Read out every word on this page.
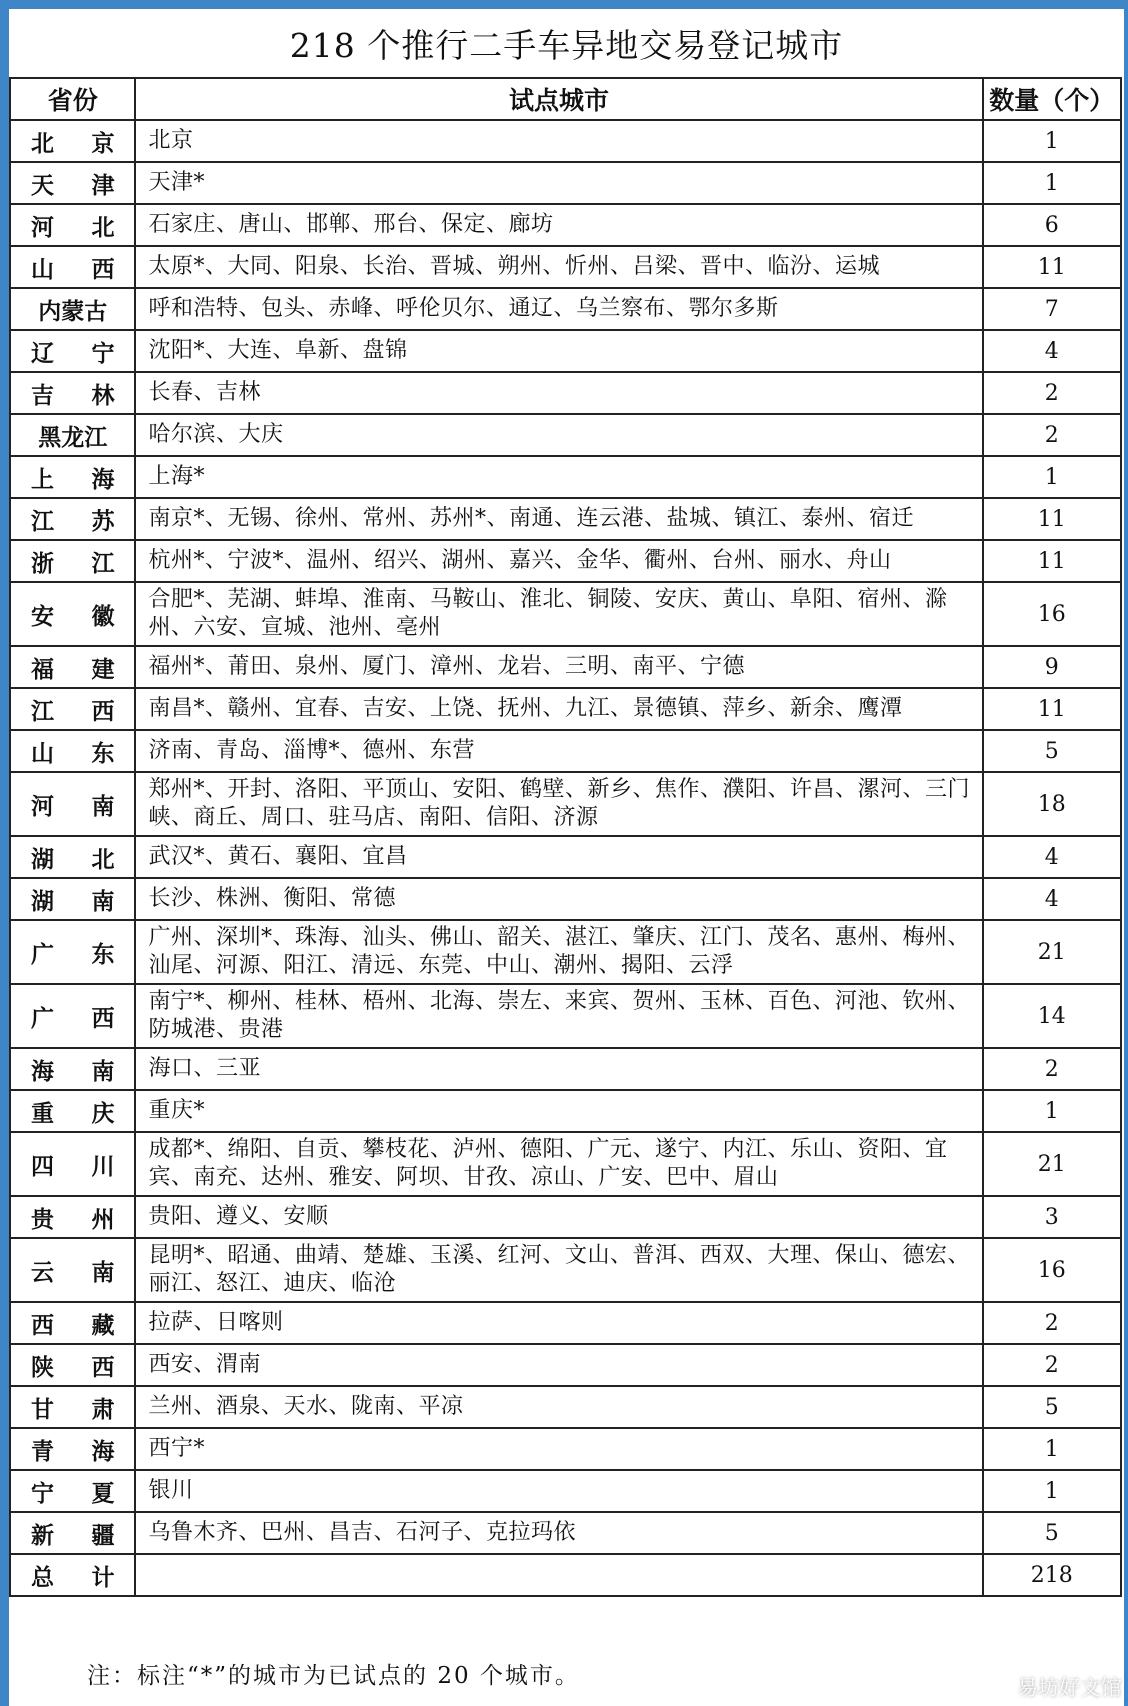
218 个推行二手车异地交易登记城市
省份	试点城市	数量（个）
北 京	北京	1
天 津	天津*	1
河 北	石家庄、唐山、邯郸、邢台、保定、廊坊	6
山 西	太原*、大同、阳泉、长治、晋城、朔州、忻州、吕梁、晋中、临汾、运城	11
内蒙古	呼和浩特、包头、赤峰、呼伦贝尔、通辽、乌兰察布、鄂尔多斯	7
辽 宁	沈阳*、大连、阜新、盘锦	4
吉 林	长春、吉林	2
黑龙江	哈尔滨、大庆	2
上 海	上海*	1
江 苏	南京*、无锡、徐州、常州、苏州*、南通、连云港、盐城、镇江、泰州、宿迁	11
浙 江	杭州*、宁波*、温州、绍兴、湖州、嘉兴、金华、衢州、台州、丽水、舟山	11
安 徽	合肥*、芜湖、蚌埠、淮南、马鞍山、淮北、铜陵、安庆、黄山、阜阳、宿州、滁州、六安、宣城、池州、亳州	16
福 建	福州*、莆田、泉州、厦门、漳州、龙岩、三明、南平、宁德	9
江 西	南昌*、赣州、宜春、吉安、上饶、抚州、九江、景德镇、萍乡、新余、鹰潭	11
山 东	济南、青岛、淄博*、德州、东营	5
河 南	郑州*、开封、洛阳、平顶山、安阳、鹤壁、新乡、焦作、濮阳、许昌、漯河、三门峡、商丘、周口、驻马店、南阳、信阳、济源	18
湖 北	武汉*、黄石、襄阳、宜昌	4
湖 南	长沙、株洲、衡阳、常德	4
广 东	广州、深圳*、珠海、汕头、佛山、韶关、湛江、肇庆、江门、茂名、惠州、梅州、汕尾、河源、阳江、清远、东莞、中山、潮州、揭阳、云浮	21
广 西	南宁*、柳州、桂林、梧州、北海、崇左、来宾、贺州、玉林、百色、河池、钦州、防城港、贵港	14
海 南	海口、三亚	2
重 庆	重庆*	1
四 川	成都*、绵阳、自贡、攀枝花、泸州、德阳、广元、遂宁、内江、乐山、资阳、宜宾、南充、达州、雅安、阿坝、甘孜、凉山、广安、巴中、眉山	21
贵 州	贵阳、遵义、安顺	3
云 南	昆明*、昭通、曲靖、楚雄、玉溪、红河、文山、普洱、西双、大理、保山、德宏、丽江、怒江、迪庆、临沧	16
西 藏	拉萨、日喀则	2
陕 西	西安、渭南	2
甘 肃	兰州、酒泉、天水、陇南、平凉	5
青 海	西宁*	1
宁 夏	银川	1
新 疆	乌鲁木齐、巴州、昌吉、石河子、克拉玛依	5
总 计		218
注：标注“*”的城市为已试点的 20 个城市。	易坊好文馆
